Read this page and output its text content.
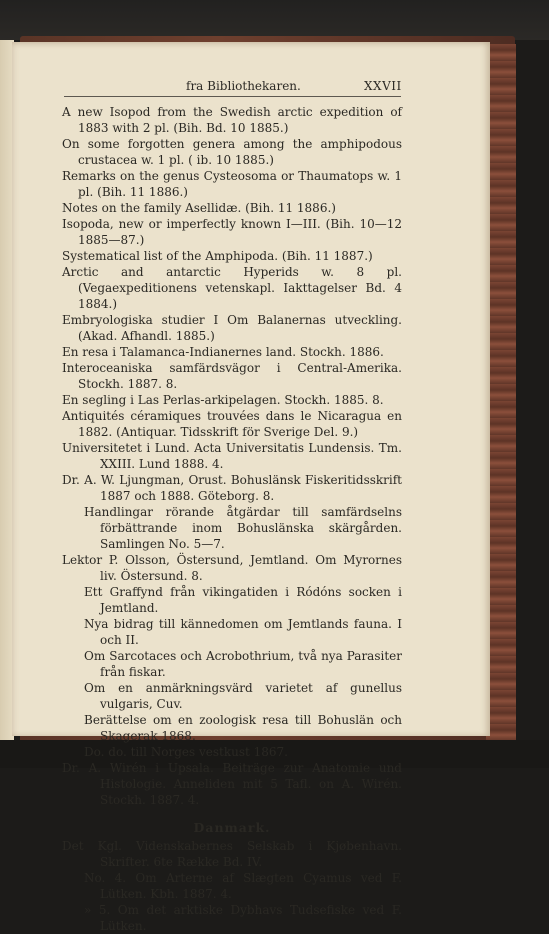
fra Bibliothekaren.	XXVII
A new Isopod from the Swedish arctic expedition of 1883 with 2 pl. (Bih. Bd. 10 1885.)
On some forgotten genera among the amphipodous crustacea w. 1 pl. ( ib. 10 1885.)
Remarks on the genus Cysteosoma or Thaumatops w. 1 pl. (Bih. 11 1886.)
Notes on the family Asellidæ. (Bih. 11 1886.)
Isopoda, new or imperfectly known I—III. (Bih. 10—12 1885—87.)
Systematical list of the Amphipoda. (Bih. 11 1887.)
Arctic and antarctic Hyperids w. 8 pl. (Vegaexpeditionens vetenskapl. Iakttagelser Bd. 4 1884.)
Embryologiska studier I Om Balanernas utveckling. (Akad. Afhandl. 1885.)
En resa i Talamanca-Indianernes land. Stockh. 1886.
Interoceaniska samfärdsvägor i Central-Amerika. Stockh. 1887. 8.
En segling i Las Perlas-arkipelagen. Stockh. 1885. 8.
Antiquités céramiques trouvées dans le Nicaragua en 1882. (Antiquar. Tidsskrift för Sverige Del. 9.)
Universitetet i Lund. Acta Universitatis Lundensis. Tm. XXIII. Lund 1888. 4.
Dr. A. W. Ljungman, Orust. Bohuslänsk Fiskeritidsskrift 1887 och 1888. Göteborg. 8.
Handlingar rörande åtgärdar till samfärdselns förbättrande inom Bohuslänska skärgården. Samlingen No. 5—7.
Lektor P. Olsson, Östersund, Jemtland. Om Myrornes liv. Östersund. 8.
Ett Graffynd från vikingatiden i Ródóns socken i Jemtland.
Nya bidrag till kännedomen om Jemtlands fauna. I och II.
Om Sarcotaces och Acrobothrium, två nya Parasiter från fiskar.
Om en anmärkningsvärd varietet af gunellus vulgaris, Cuv.
Berättelse om en zoologisk resa till Bohuslän och Skagerak 1868.
Do. do. till Norges vestkust 1867.
Dr. A. Wirén i Upsala. Beiträge zur Anatomie und Histologie. Anneliden mit 5 Tafl. on A. Wirén. Stockh. 1887. 4.
Danmark.
Det Kgl. Videnskabernes Selskab i Kjøbenhavn. Skrifter. 6te Række Bd. IV.
No. 4. Om Arterne af Slægten Cyamus ved F. Lütken. Kbh. 1887. 4.
» 5. Om det arktiske Dybhavs Tudsefiske ved F. Lütken.
